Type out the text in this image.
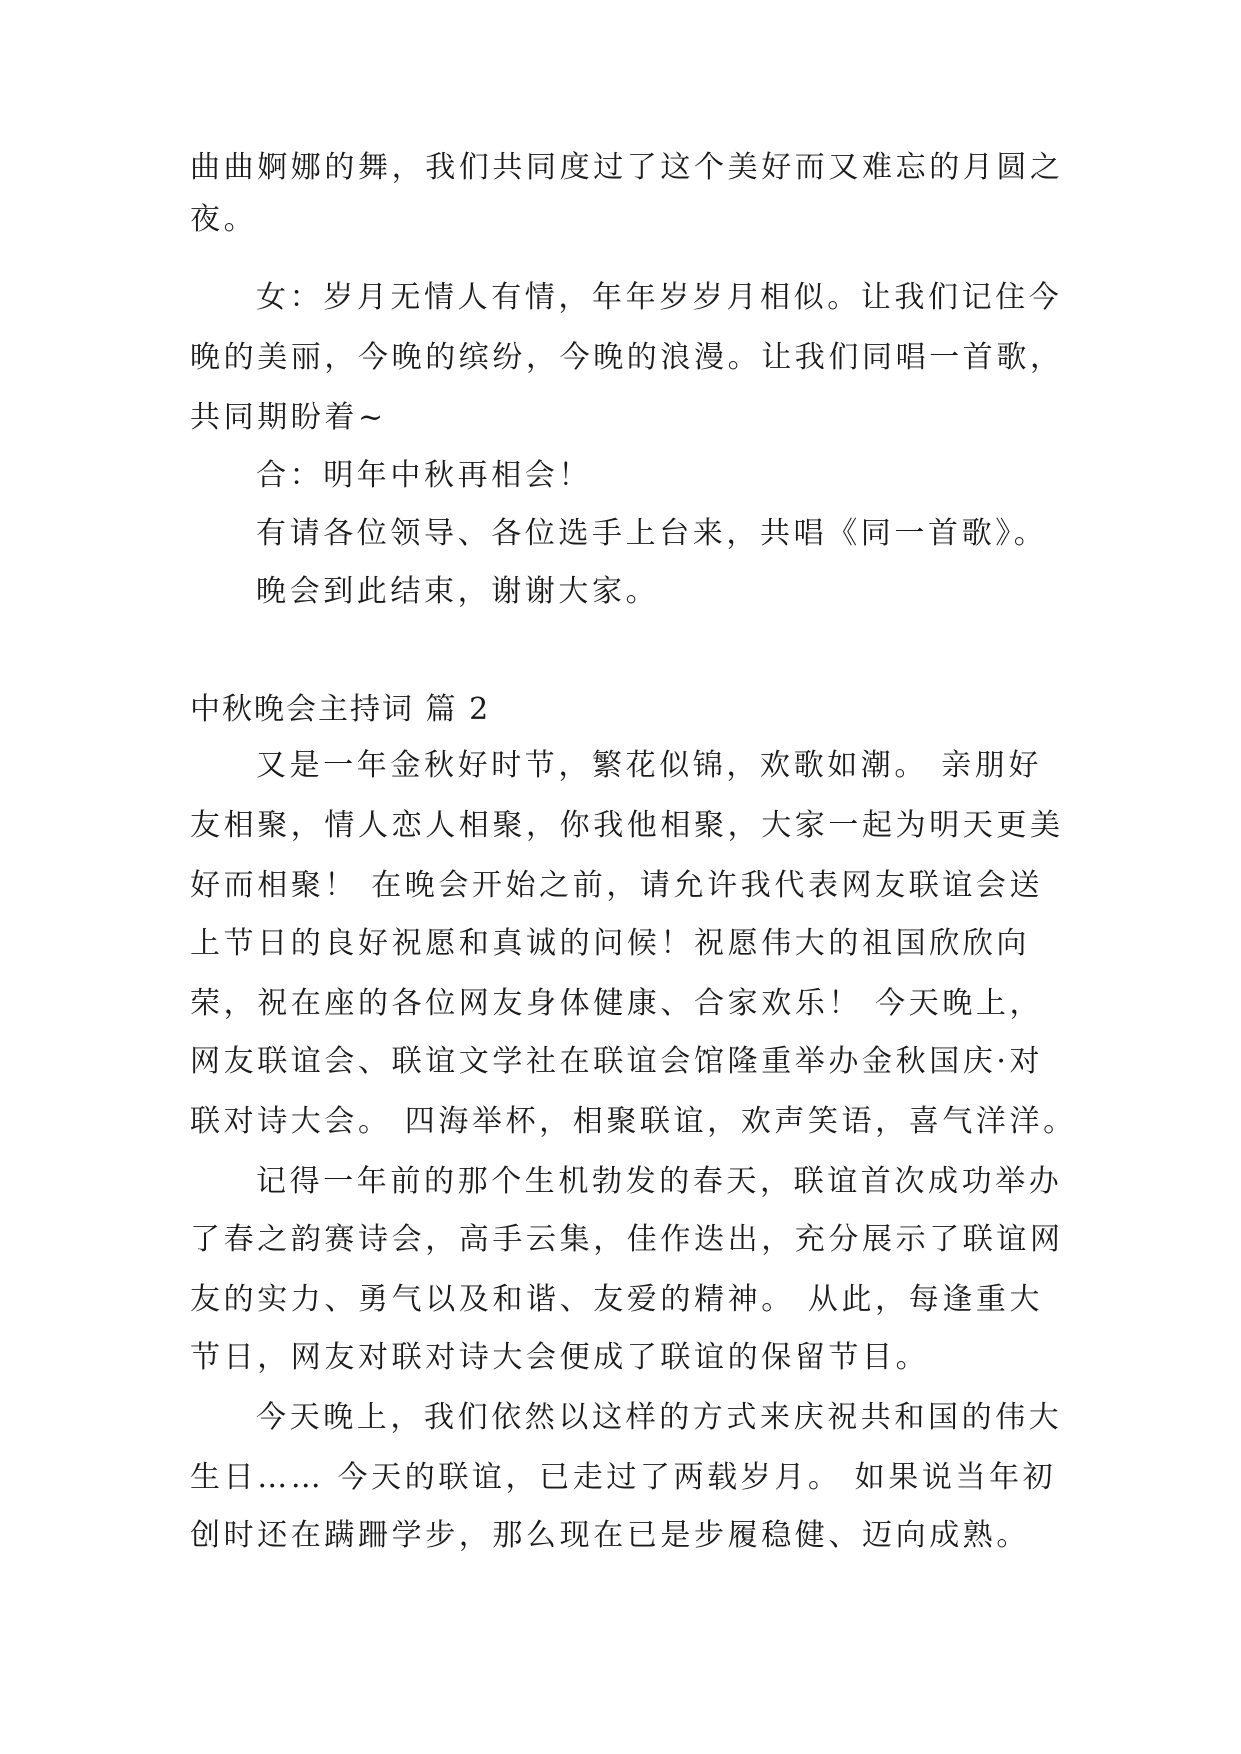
曲曲婀娜的舞，我们共同度过了这个美好而又难忘的月圆之
夜。
女：岁月无情人有情，年年岁岁月相似。让我们记住今
晚的美丽，今晚的缤纷，今晚的浪漫。让我们同唱一首歌，
共同期盼着~
合：明年中秋再相会！
有请各位领导、各位选手上台来，共唱《同一首歌》。
晚会到此结束，谢谢大家。
中秋晚会主持词 篇 2
又是一年金秋好时节，繁花似锦，欢歌如潮。 亲朋好
友相聚，情人恋人相聚，你我他相聚，大家一起为明天更美
好而相聚！ 在晚会开始之前，请允许我代表网友联谊会送
上节日的良好祝愿和真诚的问候！祝愿伟大的祖国欣欣向
荣，祝在座的各位网友身体健康、合家欢乐！ 今天晚上，
网友联谊会、联谊文学社在联谊会馆隆重举办金秋国庆·对
联对诗大会。 四海举杯，相聚联谊，欢声笑语，喜气洋洋。
记得一年前的那个生机勃发的春天，联谊首次成功举办
了春之韵赛诗会，高手云集，佳作迭出，充分展示了联谊网
友的实力、勇气以及和谐、友爱的精神。 从此，每逢重大
节日，网友对联对诗大会便成了联谊的保留节目。
今天晚上，我们依然以这样的方式来庆祝共和国的伟大
生日…… 今天的联谊，已走过了两载岁月。 如果说当年初
创时还在蹒跚学步，那么现在已是步履稳健、迈向成熟。
